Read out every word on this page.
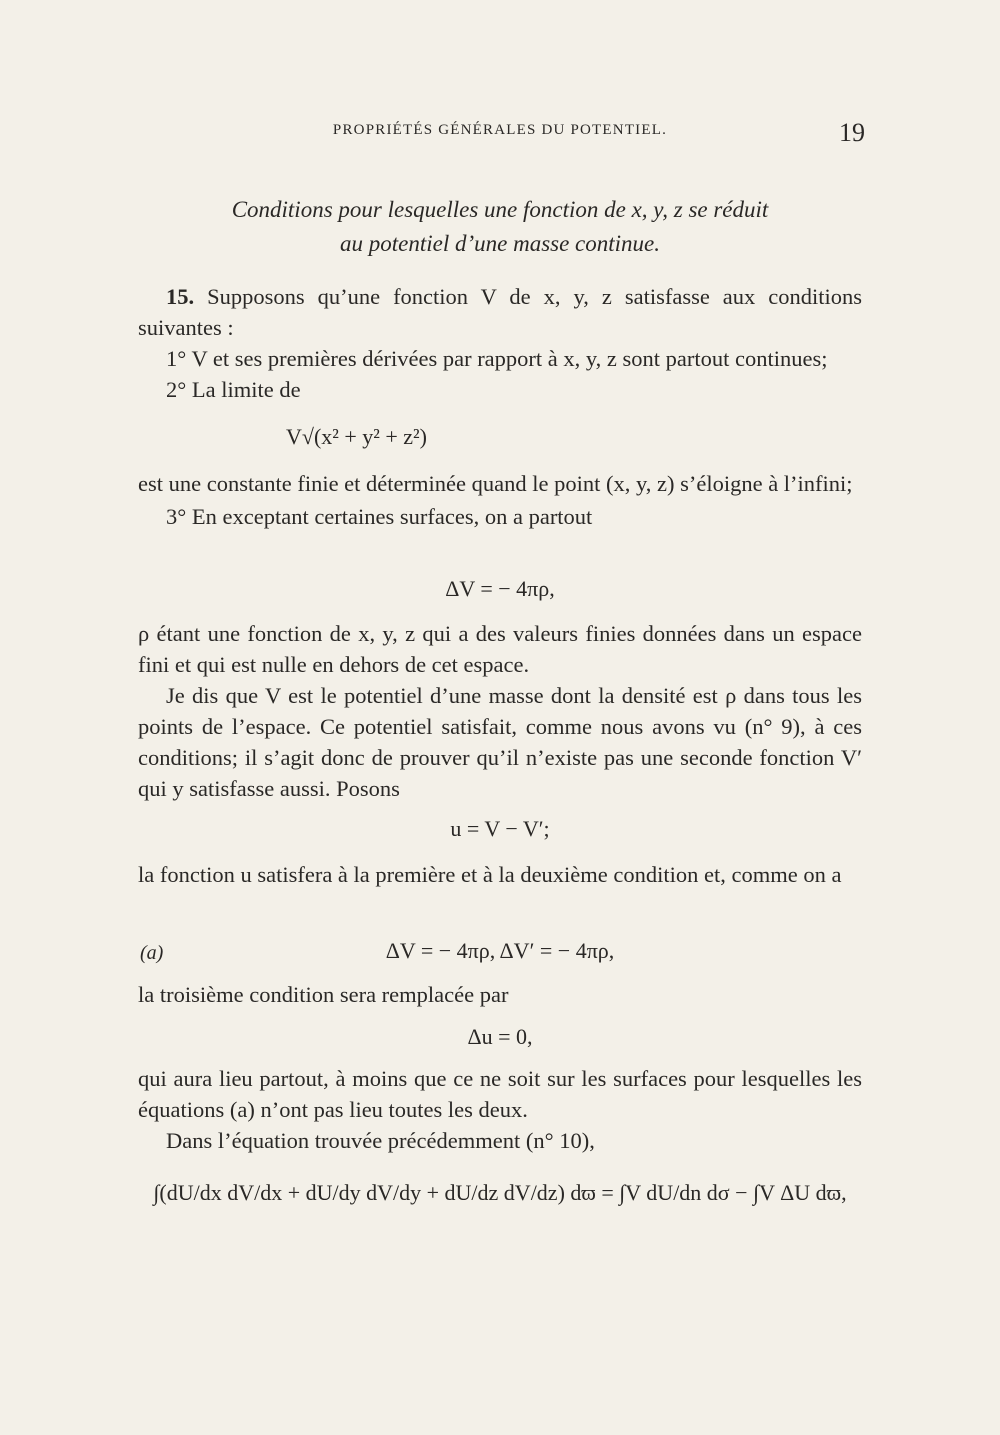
PROPRIÉTÉS GÉNÉRALES DU POTENTIEL.	19
Conditions pour lesquelles une fonction de x, y, z se réduit
au potentiel d’une masse continue.

15. Supposons qu’une fonction V de x, y, z satisfasse aux conditions suivantes :

1° V et ses premières dérivées par rapport à x, y, z sont partout continues;

2° La limite de

V√(x² + y² + z²)

est une constante finie et déterminée quand le point (x, y, z) s’éloigne à l’infini;

3° En exceptant certaines surfaces, on a partout

ΔV = − 4πρ,

ρ étant une fonction de x, y, z qui a des valeurs finies données dans un espace fini et qui est nulle en dehors de cet espace.

Je dis que V est le potentiel d’une masse dont la densité est ρ dans tous les points de l’espace. Ce potentiel satisfait, comme nous avons vu (n° 9), à ces conditions; il s’agit donc de prouver qu’il n’existe pas une seconde fonction V′ qui y satisfasse aussi. Posons

u = V − V′;

la fonction u satisfera à la première et à la deuxième condition et, comme on a

(a)	ΔV = − 4πρ, ΔV′ = − 4πρ,

la troisième condition sera remplacée par

Δu = 0,

qui aura lieu partout, à moins que ce ne soit sur les surfaces pour lesquelles les équations (a) n’ont pas lieu toutes les deux.

Dans l’équation trouvée précédemment (n° 10),

∫(dU/dx dV/dx + dU/dy dV/dy + dU/dz dV/dz) dϖ = ∫V dU/dn dσ − ∫V ΔU dϖ,
